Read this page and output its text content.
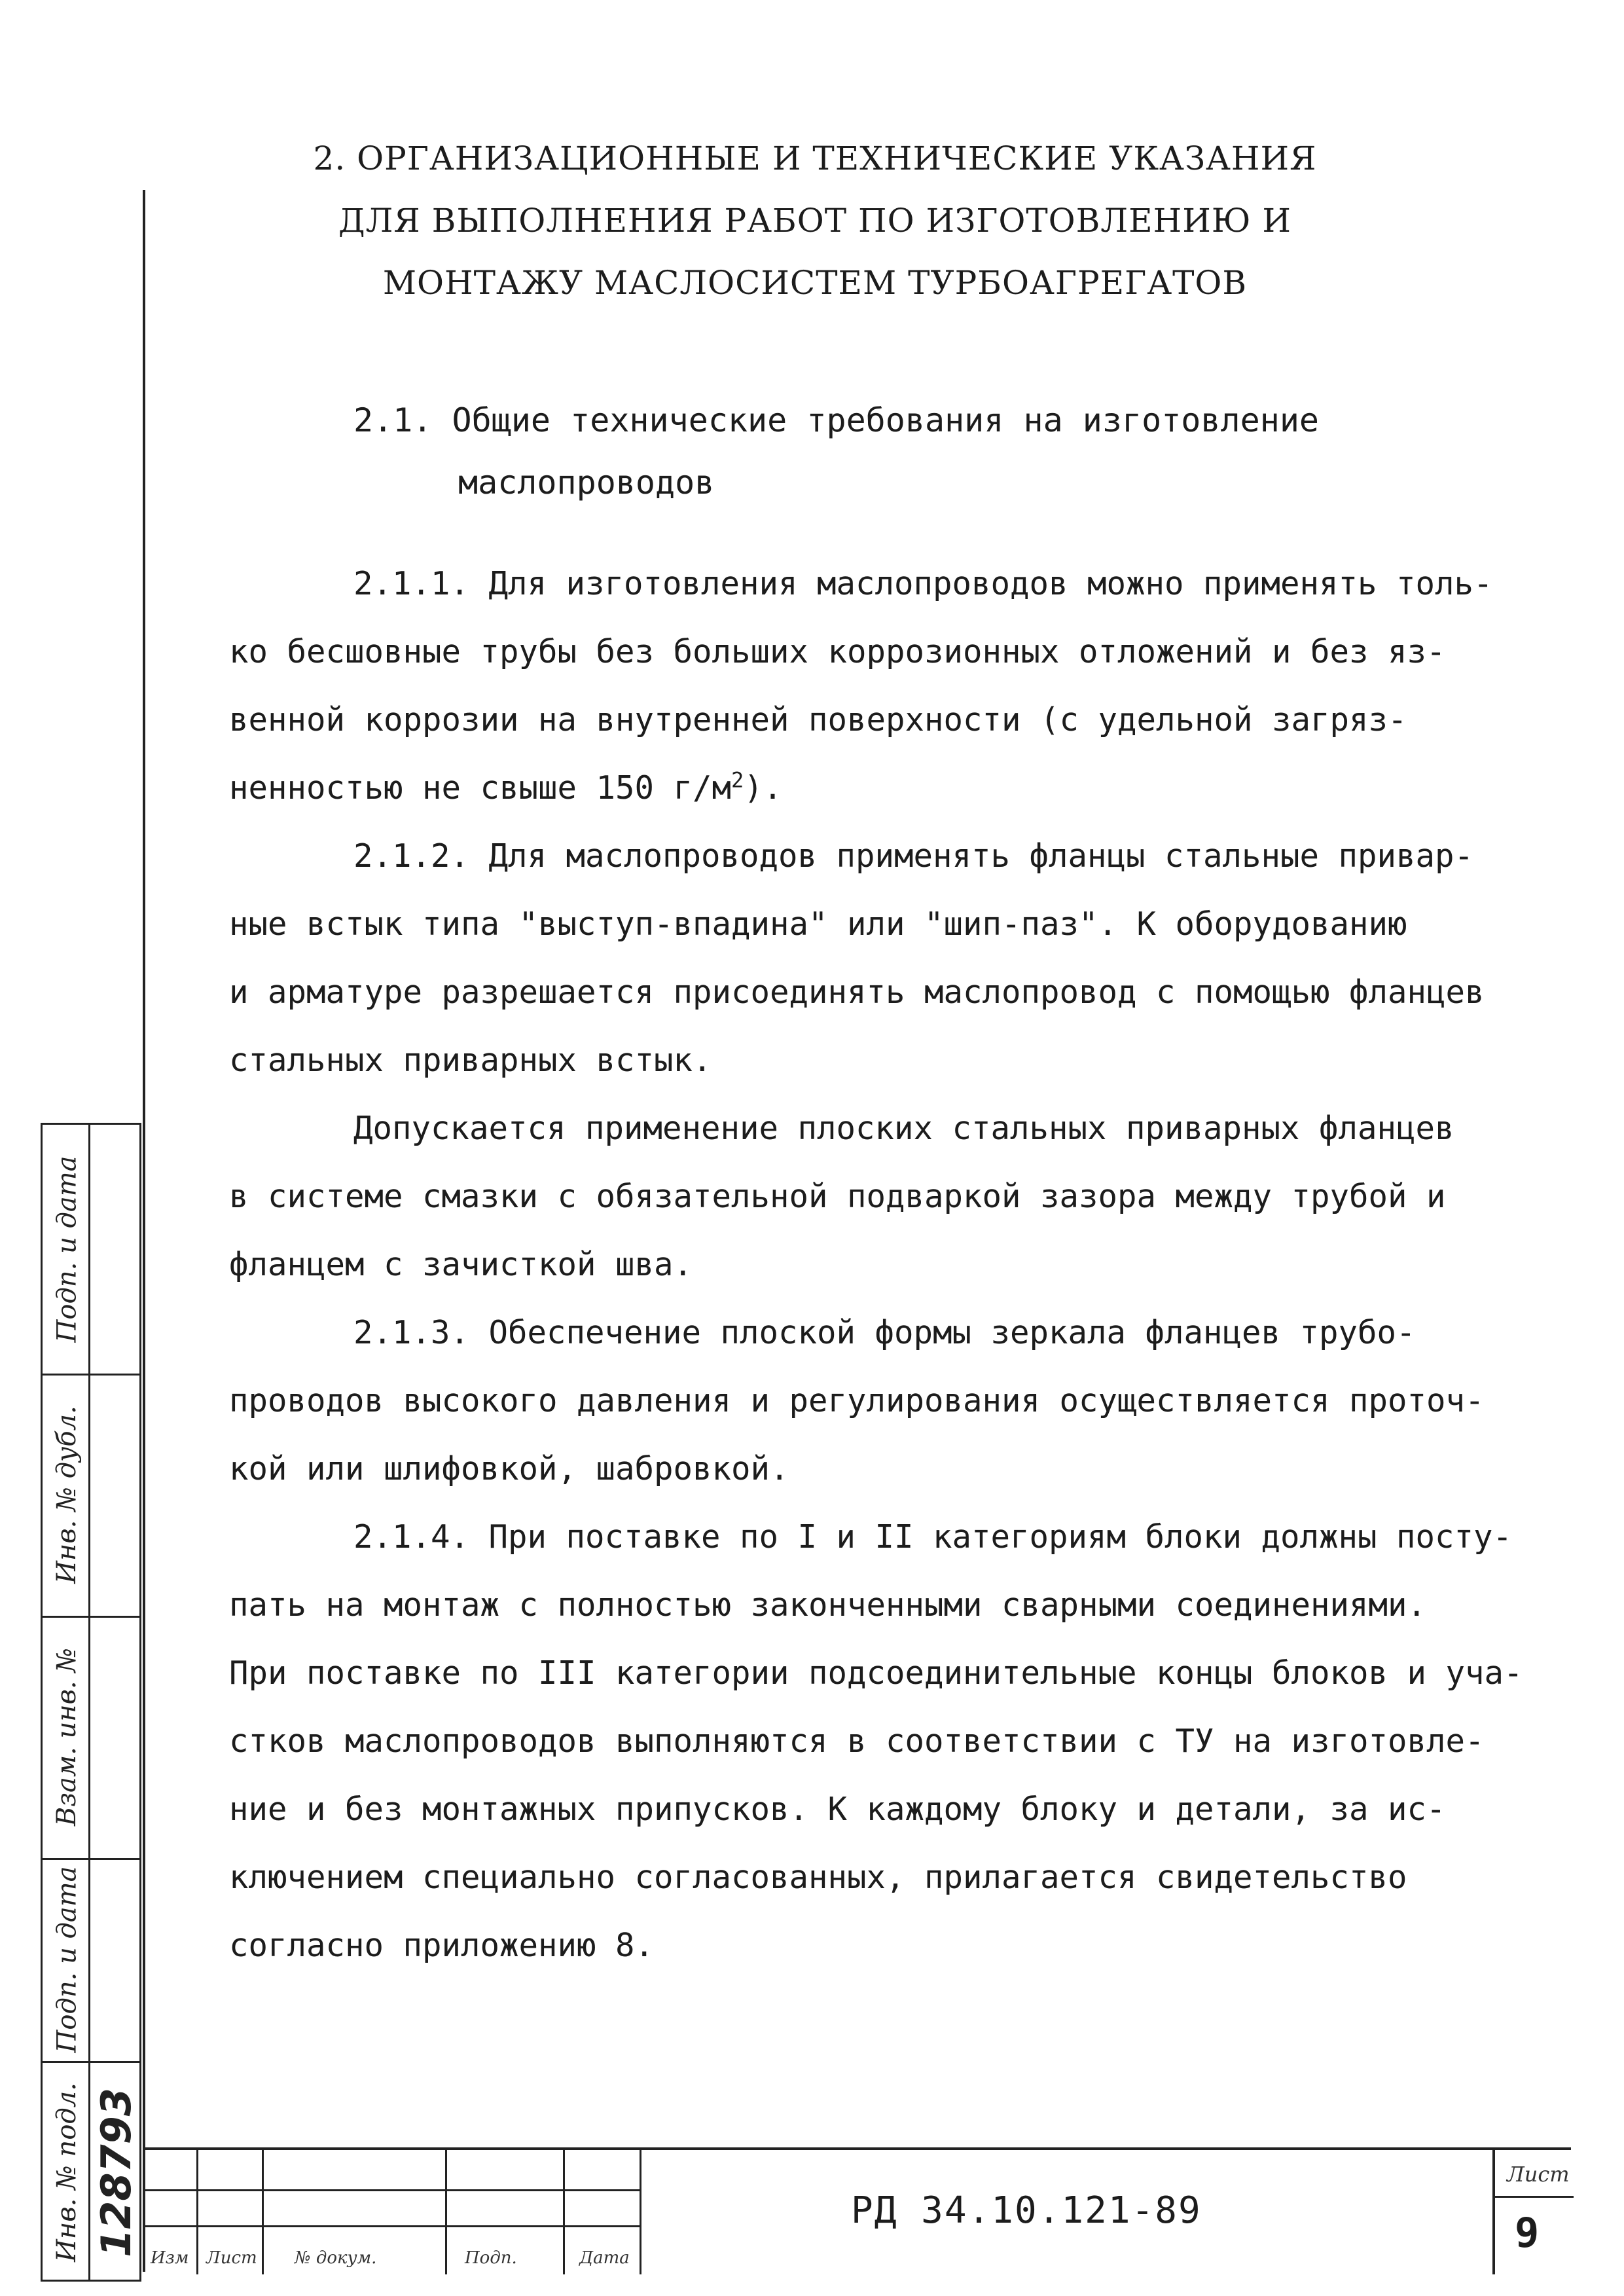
2. ОРГАНИЗАЦИОННЫЕ И ТЕХНИЧЕСКИЕ УКАЗАНИЯ
ДЛЯ ВЫПОЛНЕНИЯ РАБОТ ПО ИЗГОТОВЛЕНИЮ И
МОНТАЖУ МАСЛОСИСТЕМ ТУРБОАГРЕГАТОВ
2.1. Общие технические требования на изготовление
маслопроводов
2.1.1. Для изготовления маслопроводов можно применять толь-
ко бесшовные трубы без больших коррозионных отложений и без яз-
венной коррозии на внутренней поверхности (с удельной загряз-
ненностью не свыше 150 $г/м^2$).
2.1.2. Для маслопроводов применять фланцы стальные привар-
ные встык типа "выступ-впадина" или "шип-паз". К оборудованию
и арматуре разрешается присоединять маслопровод с помощью фланцев
стальных приварных встык.
Допускается применение плоских стальных приварных фланцев
в системе смазки с обязательной подваркой зазора между трубой и
фланцем с зачисткой шва.
2.1.3. Обеспечение плоской формы зеркала фланцев трубо-
проводов высокого давления и регулирования осуществляется проточ-
кой или шлифовкой, шабровкой.
2.1.4. При поставке по I и II категориям блоки должны посту-
пать на монтаж с полностью законченными сварными соединениями.
При поставке по III категории подсоединительные концы блоков и уча-
стков маслопроводов выполняются в соответствии с ТУ на изготовле-
ние и без монтажных припусков. К каждому блоку и детали, за ис-
ключением специально согласованных, прилагается свидетельство
согласно приложению 8.
Подп. и дата
Инв. № дубл.
Взам. инв. №
Подп. и дата
Инв. № подл. 128793
Изм Лист № докум.	Подп.	Дата
РД 34.10.121-89
Лист
9
